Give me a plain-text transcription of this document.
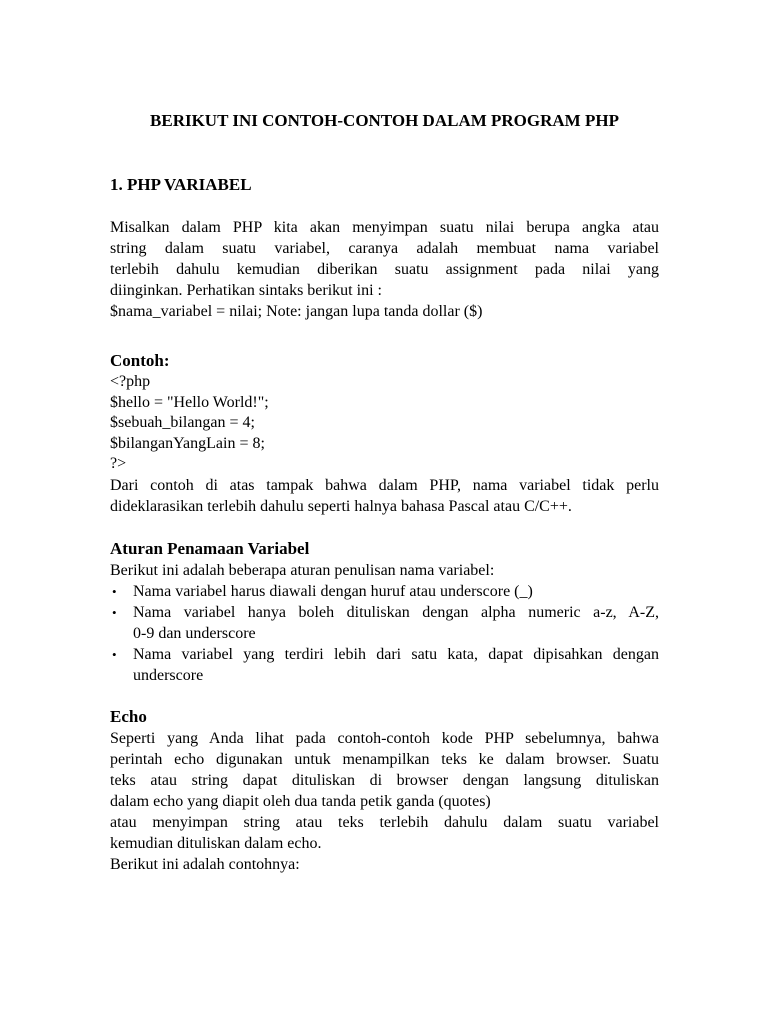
BERIKUT INI CONTOH-CONTOH DALAM PROGRAM PHP
1. PHP VARIABEL
Misalkan dalam PHP kita akan menyimpan suatu nilai berupa angka atau
string dalam suatu variabel, caranya adalah membuat nama variabel
terlebih dahulu kemudian diberikan suatu assignment pada nilai yang
diinginkan. Perhatikan sintaks berikut ini :
$nama_variabel = nilai; Note: jangan lupa tanda dollar ($)
Contoh:
<?php
$hello = "Hello World!";
$sebuah_bilangan = 4;
$bilanganYangLain = 8;
?>
Dari contoh di atas tampak bahwa dalam PHP, nama variabel tidak perlu
dideklarasikan terlebih dahulu seperti halnya bahasa Pascal atau C/C++.
Aturan Penamaan Variabel
Berikut ini adalah beberapa aturan penulisan nama variabel:
• Nama variabel harus diawali dengan huruf atau underscore (_)
• Nama variabel hanya boleh dituliskan dengan alpha numeric a-z, A-Z,
0-9 dan underscore
• Nama variabel yang terdiri lebih dari satu kata, dapat dipisahkan dengan
underscore
Echo
Seperti yang Anda lihat pada contoh-contoh kode PHP sebelumnya, bahwa
perintah echo digunakan untuk menampilkan teks ke dalam browser. Suatu
teks atau string dapat dituliskan di browser dengan langsung dituliskan
dalam echo yang diapit oleh dua tanda petik ganda (quotes)
atau menyimpan string atau teks terlebih dahulu dalam suatu variabel
kemudian dituliskan dalam echo.
Berikut ini adalah contohnya:
